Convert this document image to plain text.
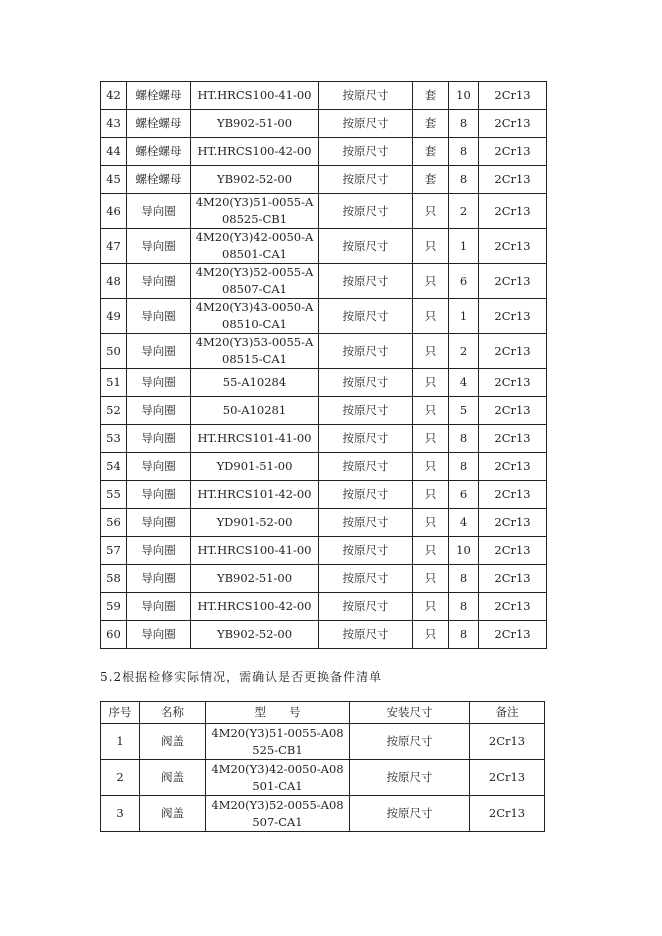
42	螺栓螺母	HT.HRCS100-41-00	按原尺寸	套	10	2Cr13
43	螺栓螺母	YB902-51-00	按原尺寸	套	8	2Cr13
44	螺栓螺母	HT.HRCS100-42-00	按原尺寸	套	8	2Cr13
45	螺栓螺母	YB902-52-00	按原尺寸	套	8	2Cr13
46	导向圈	4M20(Y3)51-0055-A
08525-CB1	按原尺寸	只	2	2Cr13
47	导向圈	4M20(Y3)42-0050-A
08501-CA1	按原尺寸	只	1	2Cr13
48	导向圈	4M20(Y3)52-0055-A
08507-CA1	按原尺寸	只	6	2Cr13
49	导向圈	4M20(Y3)43-0050-A
08510-CA1	按原尺寸	只	1	2Cr13
50	导向圈	4M20(Y3)53-0055-A
08515-CA1	按原尺寸	只	2	2Cr13
51	导向圈	55-A10284	按原尺寸	只	4	2Cr13
52	导向圈	50-A10281	按原尺寸	只	5	2Cr13
53	导向圈	HT.HRCS101-41-00	按原尺寸	只	8	2Cr13
54	导向圈	YD901-51-00	按原尺寸	只	8	2Cr13
55	导向圈	HT.HRCS101-42-00	按原尺寸	只	6	2Cr13
56	导向圈	YD901-52-00	按原尺寸	只	4	2Cr13
57	导向圈	HT.HRCS100-41-00	按原尺寸	只	10	2Cr13
58	导向圈	YB902-51-00	按原尺寸	只	8	2Cr13
59	导向圈	HT.HRCS100-42-00	按原尺寸	只	8	2Cr13
60	导向圈	YB902-52-00	按原尺寸	只	8	2Cr13
5.2根据检修实际情况，需确认是否更换备件清单
序号	名称	型　　号	安装尺寸	备注
1	阀盖	4M20(Y3)51-0055-A08
525-CB1	按原尺寸	2Cr13
2	阀盖	4M20(Y3)42-0050-A08
501-CA1	按原尺寸	2Cr13
3	阀盖	4M20(Y3)52-0055-A08
507-CA1	按原尺寸	2Cr13
